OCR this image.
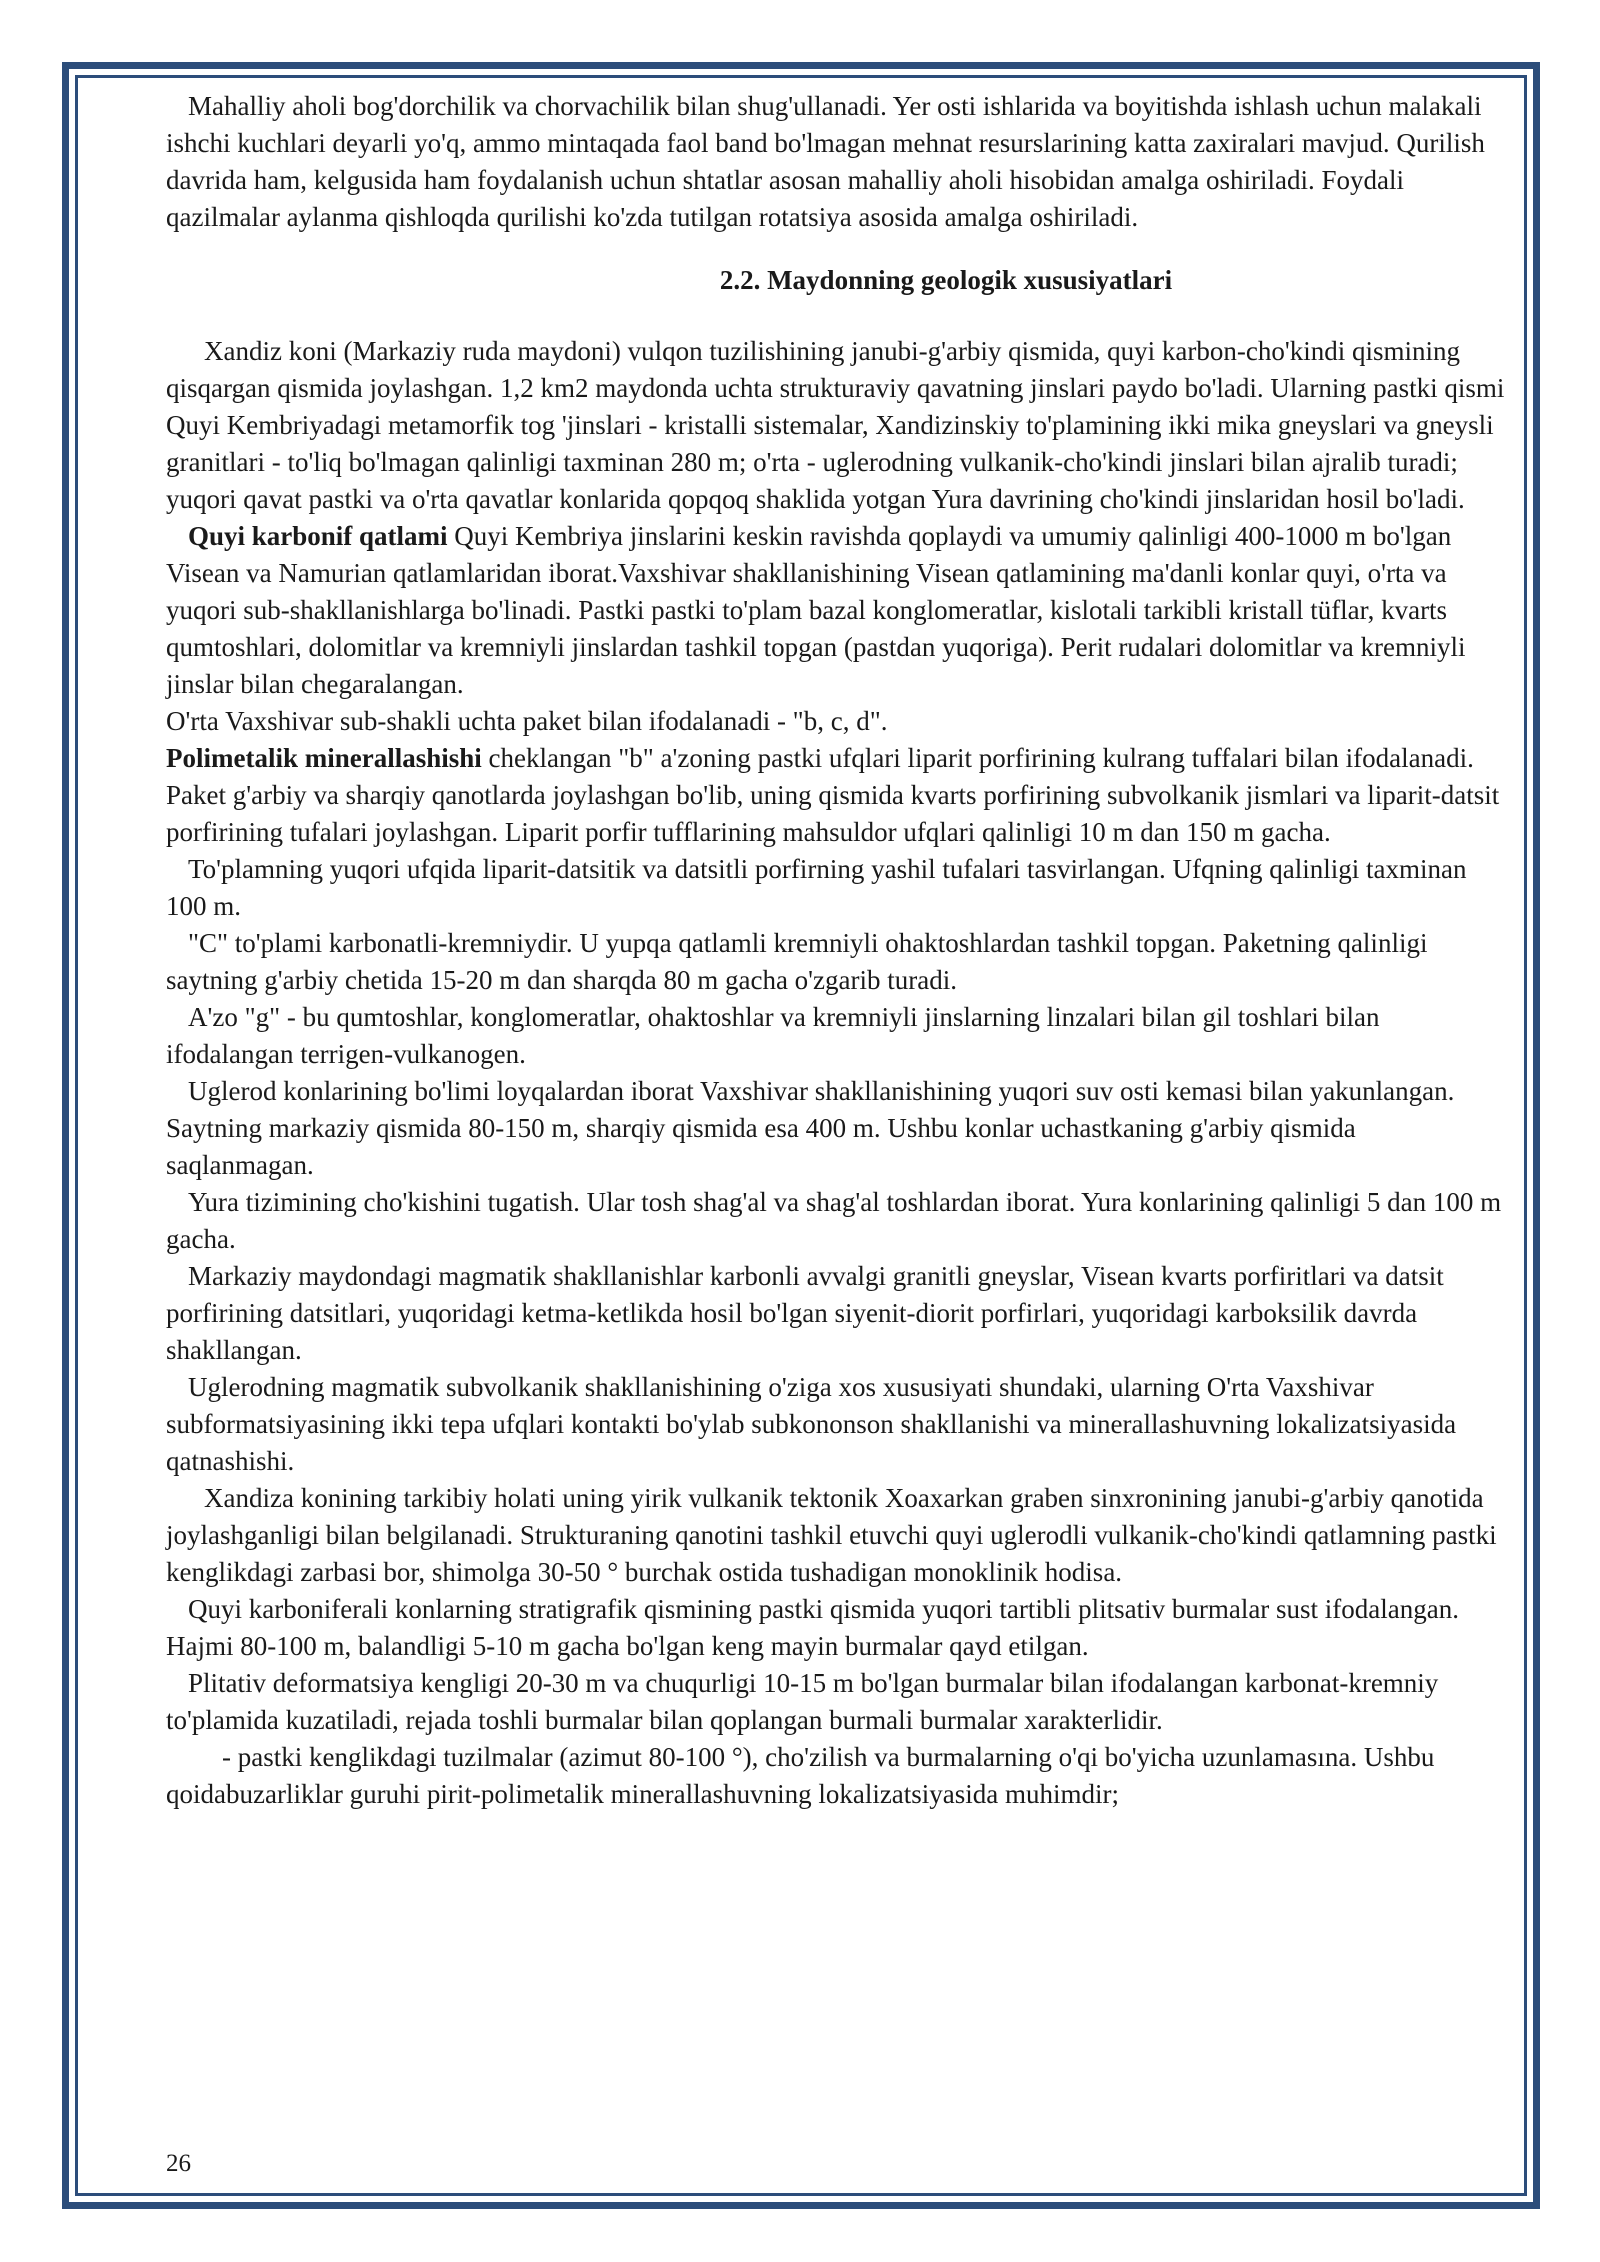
Mahalliy aholi bog'dorchilik va chorvachilik bilan shug'ullanadi. Yer osti ishlarida va boyitishda ishlash uchun malakali ishchi kuchlari deyarli yo'q, ammo mintaqada faol band bo'lmagan mehnat resurslarining katta zaxiralari mavjud. Qurilish davrida ham, kelgusida ham foydalanish uchun shtatlar asosan mahalliy aholi hisobidan amalga oshiriladi. Foydali qazilmalar aylanma qishloqda qurilishi ko'zda tutilgan rotatsiya asosida amalga oshiriladi.

2.2. Maydonning geologik xususiyatlari

Xandiz koni (Markaziy ruda maydoni) vulqon tuzilishining janubi-g'arbiy qismida, quyi karbon-cho'kindi qismining qisqargan qismida joylashgan. 1,2 km2 maydonda uchta strukturaviy qavatning jinslari paydo bo'ladi. Ularning pastki qismi Quyi Kembriyadagi metamorfik tog 'jinslari - kristalli sistemalar, Xandizinskiy to'plamining ikki mika gneyslari va gneysli granitlari - to'liq bo'lmagan qalinligi taxminan 280 m; o'rta - uglerodning vulkanik-cho'kindi jinslari bilan ajralib turadi; yuqori qavat pastki va o'rta qavatlar konlarida qopqoq shaklida yotgan Yura davrining cho'kindi jinslaridan hosil bo'ladi.

Quyi karbonif qatlami Quyi Kembriya jinslarini keskin ravishda qoplaydi va umumiy qalinligi 400-1000 m bo'lgan Visean va Namurian qatlamlaridan iborat.Vaxshivar shakllanishining Visean qatlamining ma'danli konlar quyi, o'rta va yuqori sub-shakllanishlarga bo'linadi. Pastki pastki to'plam bazal konglomeratlar, kislotali tarkibli kristall tüflar, kvarts qumtoshlari, dolomitlar va kremniyli jinslardan tashkil topgan (pastdan yuqoriga). Perit rudalari dolomitlar va kremniyli jinslar bilan chegaralangan.

O'rta Vaxshivar sub-shakli uchta paket bilan ifodalanadi - "b, c, d".

Polimetalik minerallashishi cheklangan "b" a'zoning pastki ufqlari liparit porfirining kulrang tuffalari bilan ifodalanadi. Paket g'arbiy va sharqiy qanotlarda joylashgan bo'lib, uning qismida kvarts porfirining subvolkanik jismlari va liparit-datsit porfirining tufalari joylashgan. Liparit porfir tufflarining mahsuldor ufqlari qalinligi 10 m dan 150 m gacha.

To'plamning yuqori ufqida liparit-datsitik va datsitli porfirning yashil tufalari tasvirlangan. Ufqning qalinligi taxminan 100 m.

"C" to'plami karbonatli-kremniydir. U yupqa qatlamli kremniyli ohaktoshlardan tashkil topgan. Paketning qalinligi saytning g'arbiy chetida 15-20 m dan sharqda 80 m gacha o'zgarib turadi.

A'zo "g" - bu qumtoshlar, konglomeratlar, ohaktoshlar va kremniyli jinslarning linzalari bilan gil toshlari bilan ifodalangan terrigen-vulkanogen.

Uglerod konlarining bo'limi loyqalardan iborat Vaxshivar shakllanishining yuqori suv osti kemasi bilan yakunlangan. Saytning markaziy qismida 80-150 m, sharqiy qismida esa 400 m. Ushbu konlar uchastkaning g'arbiy qismida saqlanmagan.

Yura tizimining cho'kishini tugatish. Ular tosh shag'al va shag'al toshlardan iborat. Yura konlarining qalinligi 5 dan 100 m gacha.

Markaziy maydondagi magmatik shakllanishlar karbonli avvalgi granitli gneyslar, Visean kvarts porfiritlari va datsit porfirining datsitlari, yuqoridagi ketma-ketlikda hosil bo'lgan siyenit-diorit porfirlari, yuqoridagi karboksilik davrda shakllangan.

Uglerodning magmatik subvolkanik shakllanishining o'ziga xos xususiyati shundaki, ularning O'rta Vaxshivar subformatsiyasining ikki tepa ufqlari kontakti bo'ylab subkononson shakllanishi va minerallashuvning lokalizatsiyasida qatnashishi.

Xandiza konining tarkibiy holati uning yirik vulkanik tektonik Xoaxarkan graben sinxronining janubi-g'arbiy qanotida joylashganligi bilan belgilanadi. Strukturaning qanotini tashkil etuvchi quyi uglerodli vulkanik-cho'kindi qatlamning pastki kenglikdagi zarbasi bor, shimolga 30-50 ° burchak ostida tushadigan monoklinik hodisa.

Quyi karboniferali konlarning stratigrafik qismining pastki qismida yuqori tartibli plitsativ burmalar sust ifodalangan. Hajmi 80-100 m, balandligi 5-10 m gacha bo'lgan keng mayin burmalar qayd etilgan.

Plitativ deformatsiya kengligi 20-30 m va chuqurligi 10-15 m bo'lgan burmalar bilan ifodalangan karbonat-kremniy to'plamida kuzatiladi, rejada toshli burmalar bilan qoplangan burmali burmalar xarakterlidir.

- pastki kenglikdagi tuzilmalar (azimut 80-100 °), cho'zilish va burmalarning o'qi bo'yicha uzunlamasına. Ushbu qoidabuzarliklar guruhi pirit-polimetalik minerallashuvning lokalizatsiyasida muhimdir;

26
